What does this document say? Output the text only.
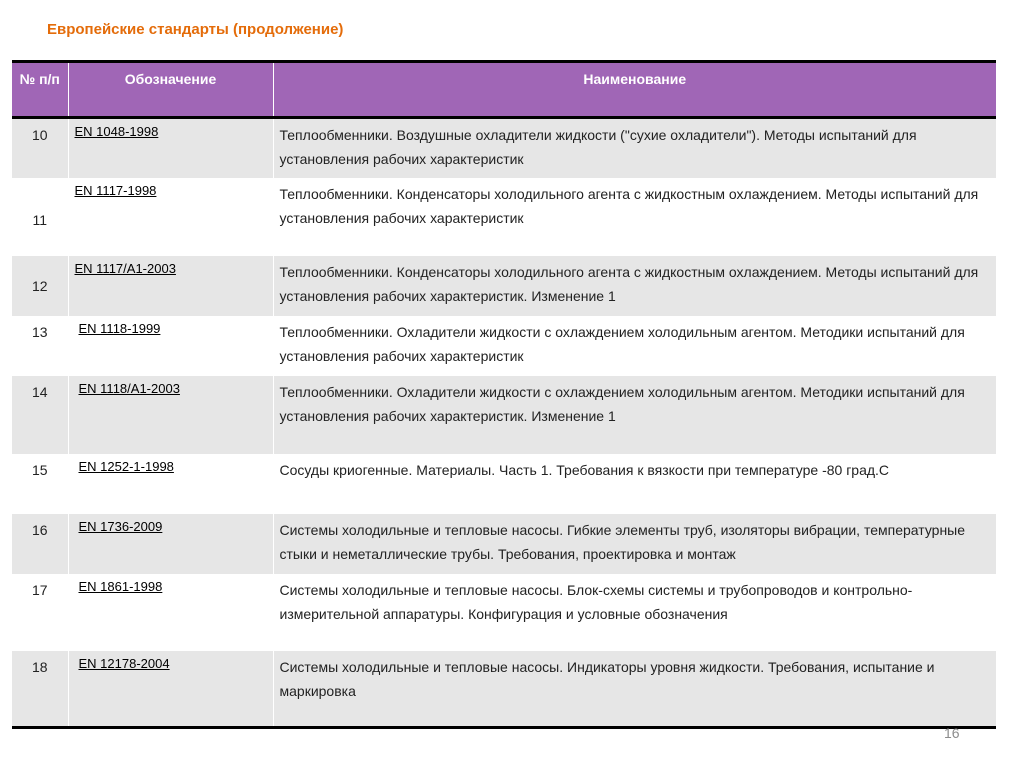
Европейские стандарты (продолжение)
№ п/п	Обозначение	Наименование
10	EN 1048-1998	Теплообменники. Воздушные охладители жидкости ("сухие охладители"). Методы испытаний для установления рабочих характеристик
11	EN 1117-1998	Теплообменники. Конденсаторы холодильного агента с жидкостным охлаждением. Методы испытаний для установления рабочих характеристик
12	EN 1117/A1-2003	Теплообменники. Конденсаторы холодильного агента с жидкостным охлаждением. Методы испытаний для установления рабочих характеристик. Изменение 1
13	EN 1118-1999	Теплообменники. Охладители жидкости с охлаждением холодильным агентом. Методики испытаний для установления рабочих характеристик
14	EN 1118/A1-2003	Теплообменники. Охладители жидкости с охлаждением холодильным агентом. Методики испытаний для установления рабочих характеристик. Изменение 1
15	EN 1252-1-1998	Сосуды криогенные. Материалы. Часть 1. Требования к вязкости при температуре -80 град.С
16	EN 1736-2009	Системы холодильные и тепловые насосы. Гибкие элементы труб, изоляторы вибрации, температурные стыки и неметаллические трубы. Требования, проектировка и монтаж
17	EN 1861-1998	Системы холодильные и тепловые насосы. Блок-схемы системы и трубопроводов и контрольно-измерительной аппаратуры. Конфигурация и условные обозначения
18	EN 12178-2004	Системы холодильные и тепловые насосы. Индикаторы уровня жидкости. Требования, испытание и маркировка
16
